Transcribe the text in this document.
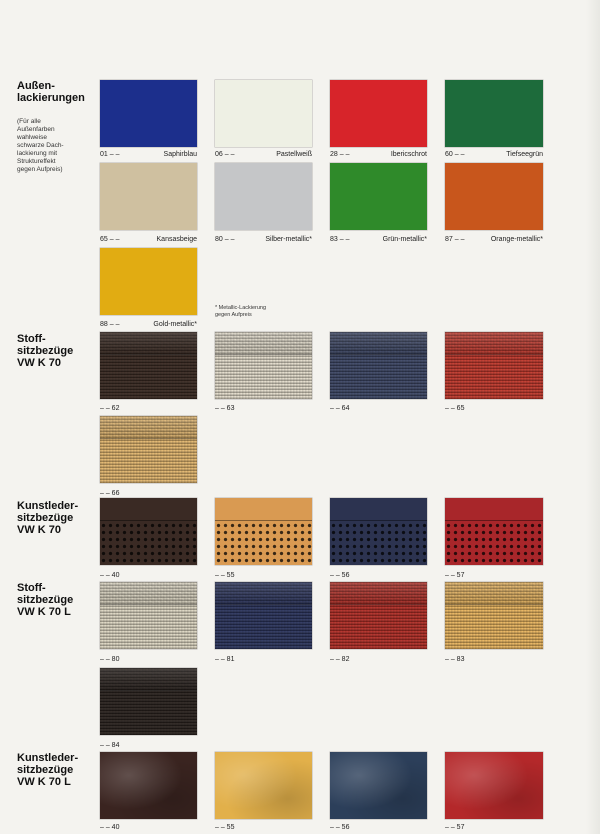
Außen-
lackierungen
(Für alle
Außenfarben
wahlweise
schwarze Dach-
lackierung mit
Struktureffekt
gegen Aufpreis)
01 – –	Saphirblau	06 – –	Pastellweiß	28 – –	Ibericschrot	60 – –	Tiefseegrün
65 – –	Kansasbeige	80 – –	Silber-metallic*	83 – –	Grün-metallic*	87 – –	Orange-metallic*
88 – –	Gold-metallic*
* Metallic-Lackierung
gegen Aufpreis
Stoff-
sitzbezüge
VW K 70
– – 62	– – 63	– – 64	– – 65
– – 66
Kunstleder-
sitzbezüge
VW K 70
– – 40	– – 55	– – 56	– – 57
Stoff-
sitzbezüge
VW K 70 L
– – 80	– – 81	– – 82	– – 83
– – 84
Kunstleder-
sitzbezüge
VW K 70 L
– – 40	– – 55	– – 56	– – 57
